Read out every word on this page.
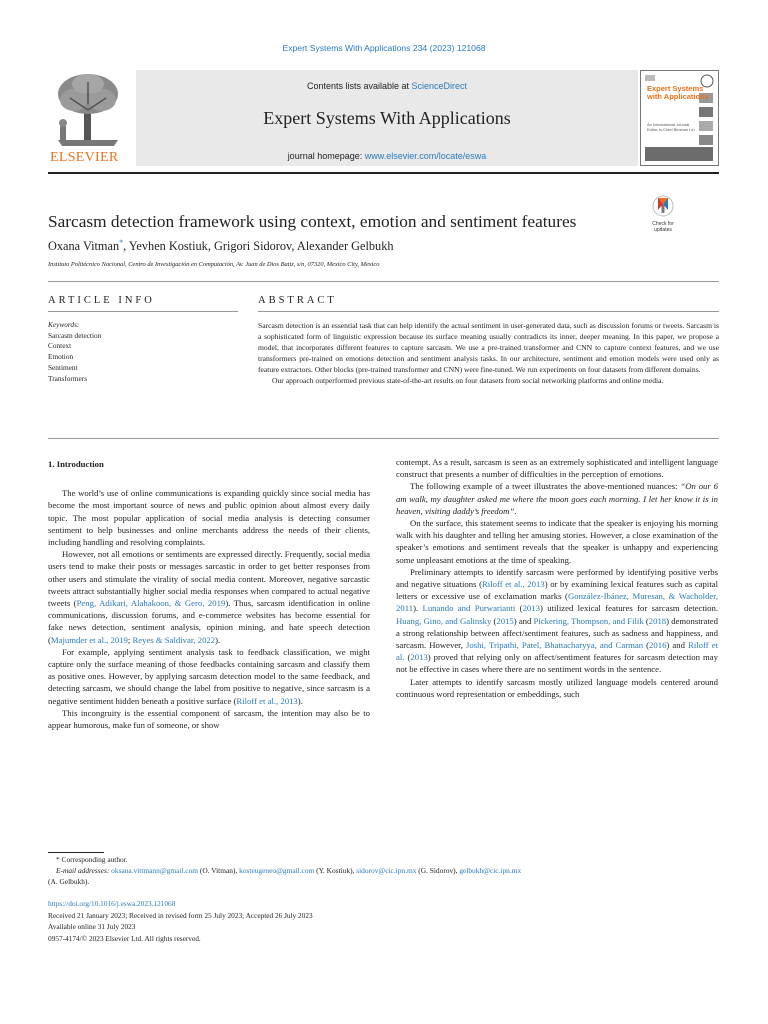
Expert Systems With Applications 234 (2023) 121068
ELSEVIER
Contents lists available at ScienceDirect
Expert Systems With Applications
journal homepage: www.elsevier.com/locate/eswa
Expert Systems with Applications
An International Journal
Editor-in-Chief Binshan Lin
Sarcasm detection framework using context, emotion and sentiment features	Check for
updates
Oxana Vitman*, Yevhen Kostiuk, Grigori Sidorov, Alexander Gelbukh
Instituto Politécnico Nacional, Centro de Investigación en Computación, Av. Juan de Dios Batiz, s/n, 07320, Mexico City, Mexico
ARTICLE INFO	ABSTRACT
Keywords:
Sarcasm detection
Context
Emotion
Sentiment
Transformers

Sarcasm detection is an essential task that can help identify the actual sentiment in user-generated data, such as discussion forums or tweets. Sarcasm is a sophisticated form of linguistic expression because its surface meaning usually contradicts its inner, deeper meaning. In this paper, we propose a model, that incorporates different features to capture sarcasm. We use a pre-trained transformer and CNN to capture context features, and we use transformers pre-trained on emotions detection and sentiment analysis tasks. In our architecture, sentiment and emotion models were used only as feature extractors. Other blocks (pre-trained transformer and CNN) were fine-tuned. We run experiments on four datasets from different domains.

Our approach outperformed previous state-of-the-art results on four datasets from social networking platforms and online media.

1. Introduction

The world’s use of online communications is expanding quickly since social media has become the most important source of news and public opinion about almost every daily topic. The most popular application of social media analysis is detecting consumer sentiment to help businesses and online merchants address the needs of their clients, including handling and resolving complaints.

However, not all emotions or sentiments are expressed directly. Frequently, social media users tend to make their posts or messages sarcastic in order to get better responses from other users and stimulate the virality of social media content. Moreover, negative sarcastic tweets attract substantially higher social media responses when compared to actual negative tweets (Peng, Adikari, Alahakoon, & Gero, 2019). Thus, sarcasm identification in online communications, discussion forums, and e-commerce websites has become essential for fake news detection, sentiment analysis, opinion mining, and hate speech detection (Majumder et al., 2019; Reyes & Saldívar, 2022).

For example, applying sentiment analysis task to feedback classification, we might capture only the surface meaning of those feedbacks containing sarcasm and classify them as positive ones. However, by applying sarcasm detection model to the same feedback, and detecting sarcasm, we should change the label from positive to negative, since sarcasm is a negative sentiment hidden beneath a positive surface (Riloff et al., 2013).

This incongruity is the essential component of sarcasm, the intention may also be to appear humorous, make fun of someone, or show

contempt. As a result, sarcasm is seen as an extremely sophisticated and intelligent language construct that presents a number of difficulties in the perception of emotions.

The following example of a tweet illustrates the above-mentioned nuances: “On our 6 am walk, my daughter asked me where the moon goes each morning. I let her know it is in heaven, visiting daddy’s freedom”.

On the surface, this statement seems to indicate that the speaker is enjoying his morning walk with his daughter and telling her amusing stories. However, a close examination of the speaker’s emotions and sentiment reveals that the speaker is unhappy and experiencing some unpleasant emotions at the time of speaking.

Preliminary attempts to identify sarcasm were performed by identifying positive verbs and negative situations (Riloff et al., 2013) or by examining lexical features such as capital letters or excessive use of exclamation marks (González-Ibánez, Muresan, & Wacholder, 2011). Lunando and Purwarianti (2013) utilized lexical features for sarcasm detection. Huang, Gino, and Galinsky (2015) and Pickering, Thompson, and Filik (2018) demonstrated a strong relationship between affect/sentiment features, such as sadness and happiness, and sarcasm. However, Joshi, Tripathi, Patel, Bhattacharyya, and Carman (2016) and Riloff et al. (2013) proved that relying only on affect/sentiment features for sarcasm detection may not be effective in cases where there are no sentiment words in the sentence.

Later attempts to identify sarcasm mostly utilized language models centered around continuous word representation or embeddings, such

* Corresponding author.
E-mail addresses: oksana.vittmann@gmail.com (O. Vitman), kosteugeneo@gmail.com (Y. Kostiuk), sidorov@cic.ipn.mx (G. Sidorov), gelbukh@cic.ipn.mx
(A. Gelbukh).
https://doi.org/10.1016/j.eswa.2023.121068
Received 21 January 2023; Received in revised form 25 July 2023; Accepted 26 July 2023
Available online 31 July 2023
0957-4174/© 2023 Elsevier Ltd. All rights reserved.
